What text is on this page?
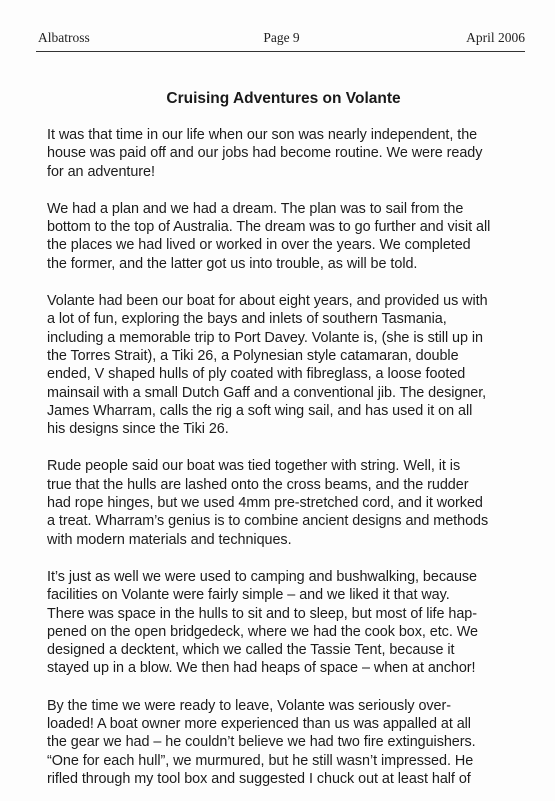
Albatross	Page 9	April 2006
Cruising Adventures on Volante

It was that time in our life when our son was nearly independent, the
house was paid off and our jobs had become routine. We were ready
for an adventure!

We had a plan and we had a dream. The plan was to sail from the
bottom to the top of Australia. The dream was to go further and visit all
the places we had lived or worked in over the years. We completed
the former, and the latter got us into trouble, as will be told.

Volante had been our boat for about eight years, and provided us with
a lot of fun, exploring the bays and inlets of southern Tasmania,
including a memorable trip to Port Davey. Volante is, (she is still up in
the Torres Strait), a Tiki 26, a Polynesian style catamaran, double
ended, V shaped hulls of ply coated with fibreglass, a loose footed
mainsail with a small Dutch Gaff and a conventional jib. The designer,
James Wharram, calls the rig a soft wing sail, and has used it on all
his designs since the Tiki 26.

Rude people said our boat was tied together with string. Well, it is
true that the hulls are lashed onto the cross beams, and the rudder
had rope hinges, but we used 4mm pre-stretched cord, and it worked
a treat. Wharram’s genius is to combine ancient designs and methods
with modern materials and techniques.

It’s just as well we were used to camping and bushwalking, because
facilities on Volante were fairly simple – and we liked it that way.
There was space in the hulls to sit and to sleep, but most of life hap-
pened on the open bridgedeck, where we had the cook box, etc. We
designed a decktent, which we called the Tassie Tent, because it
stayed up in a blow. We then had heaps of space – when at anchor!

By the time we were ready to leave, Volante was seriously over-
loaded! A boat owner more experienced than us was appalled at all
the gear we had – he couldn’t believe we had two fire extinguishers.
“One for each hull”, we murmured, but he still wasn’t impressed. He
rifled through my tool box and suggested I chuck out at least half of
